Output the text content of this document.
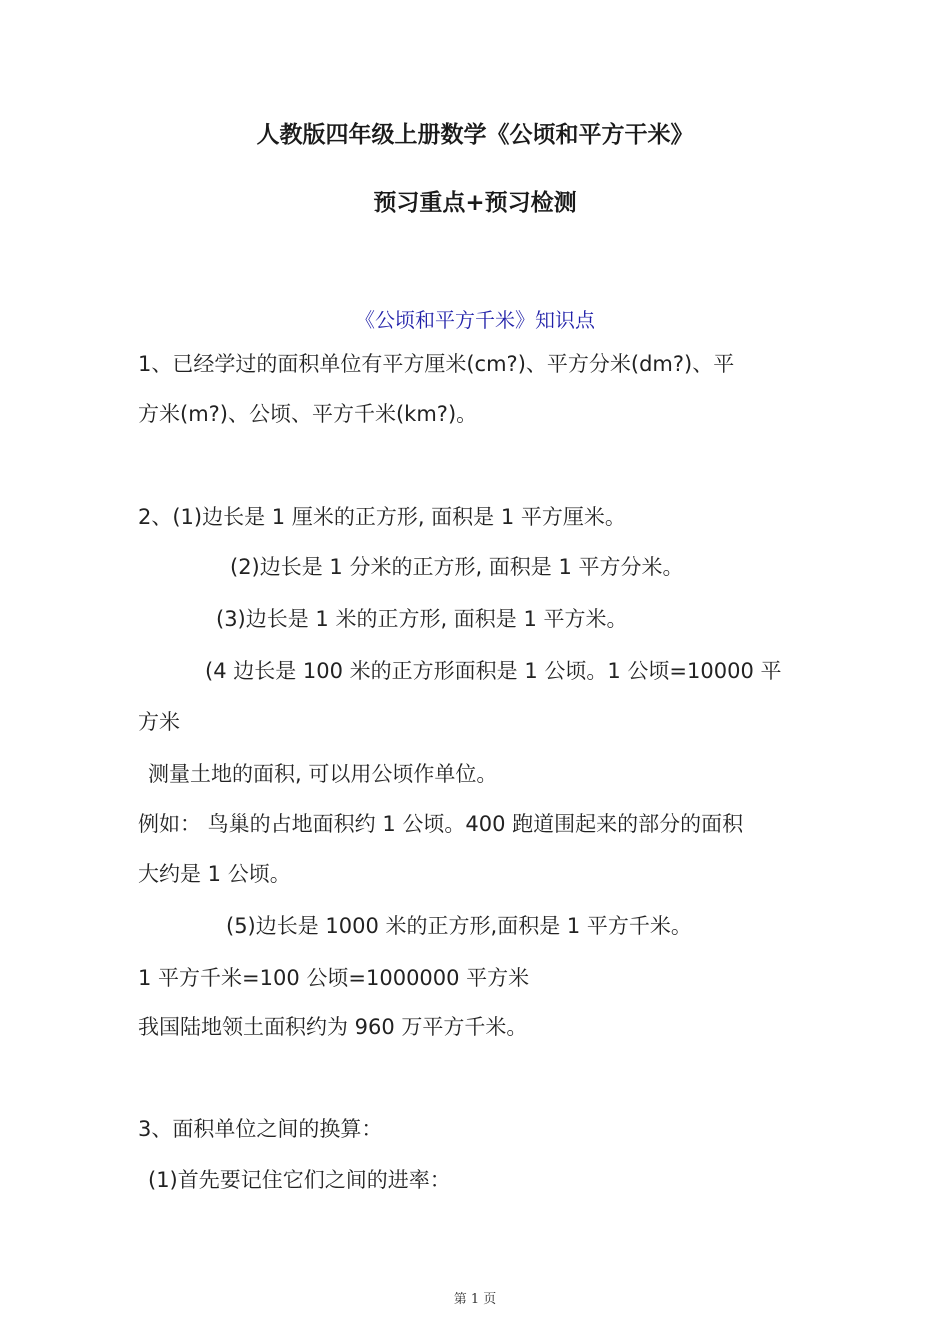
人教版四年级上册数学《公顷和平方干米》
预习重点+预习检测
《公顷和平方千米》知识点
1、已经学过的面积单位有平方厘米(cm?)、平方分米(dm?)、平
方米(m?)、公顷、平方千米(km?)。
2、(1)边长是 1 厘米的正方形, 面积是 1 平方厘米。
(2)边长是 1 分米的正方形, 面积是 1 平方分米。
(3)边长是 1 米的正方形, 面积是 1 平方米。
(4 边长是 100 米的正方形面积是 1 公顷。1 公顷=10000 平
方米
测量土地的面积, 可以用公顷作单位。
例如： 鸟巢的占地面积约 1 公顷。400 跑道围起来的部分的面积
大约是 1 公顷。
(5)边长是 1000 米的正方形,面积是 1 平方千米。
1 平方千米=100 公顷=1000000 平方米
我国陆地领土面积约为 960 万平方千米。
3、面积单位之间的换算：
(1)首先要记住它们之间的进率：
第 1 页
